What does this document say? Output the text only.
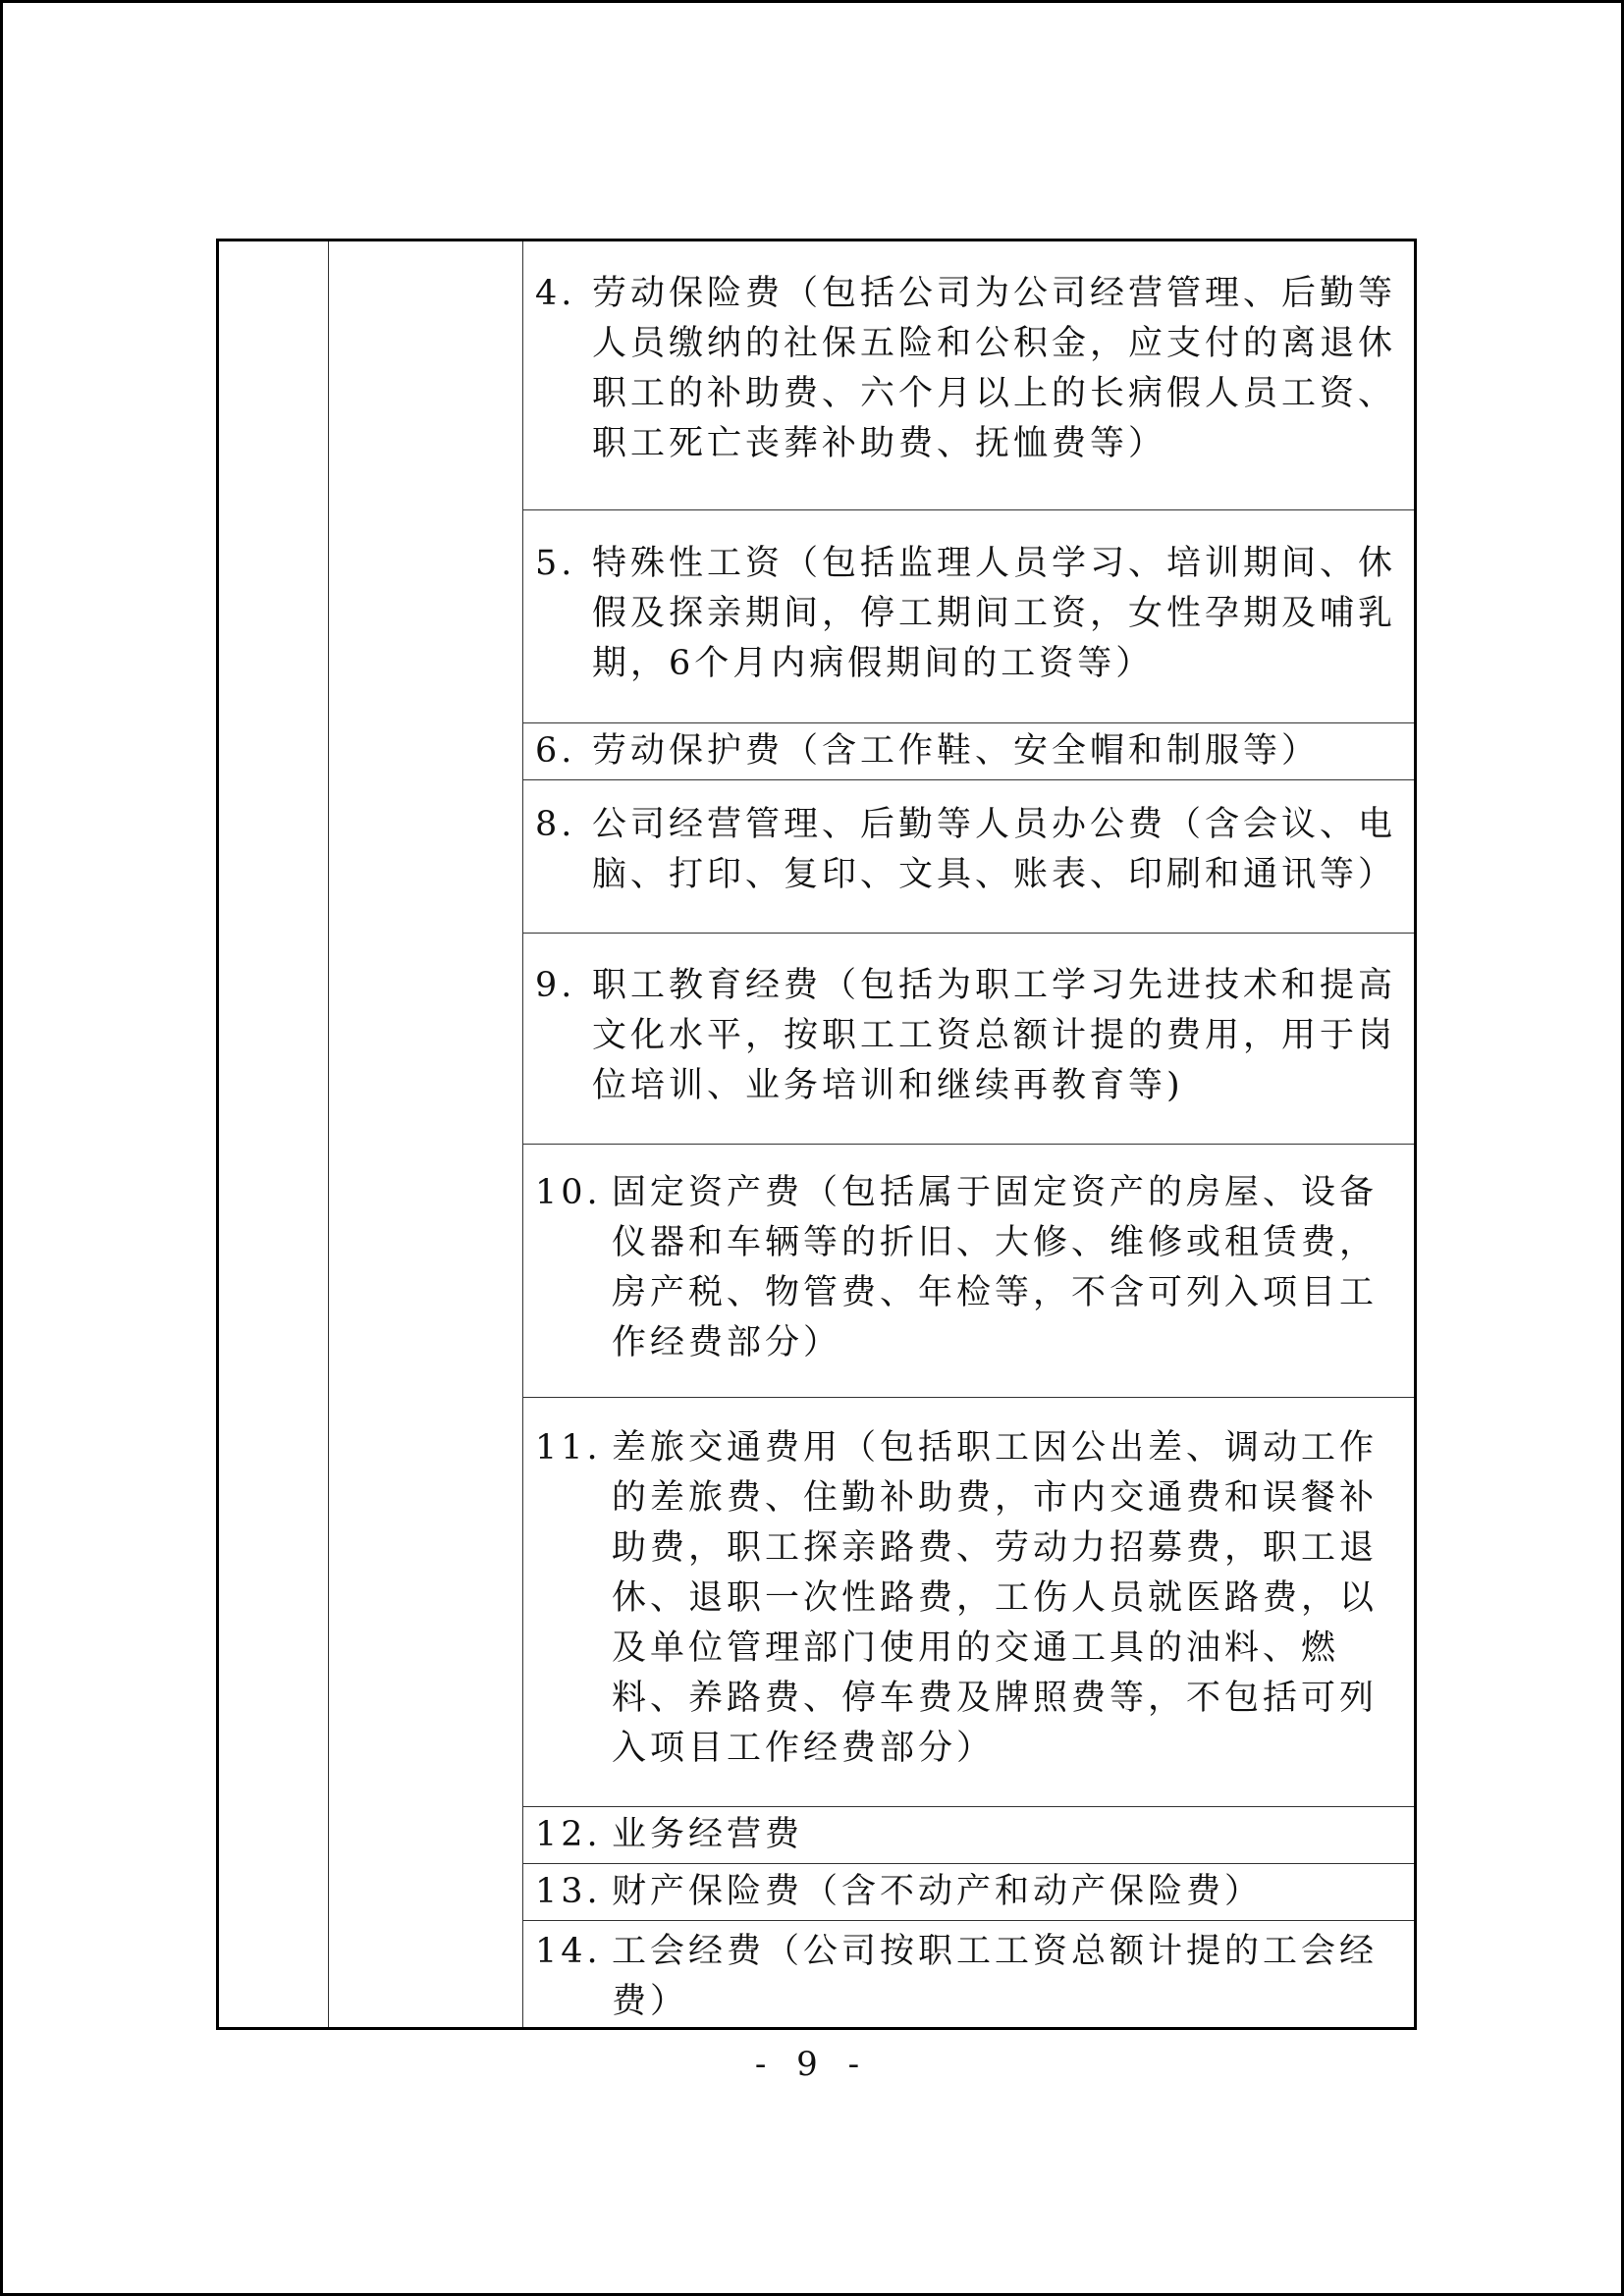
4. 劳动保险费（包括公司为公司经营管理、后勤等人员缴纳的社保五险和公积金，应支付的离退休职工的补助费、六个月以上的长病假人员工资、职工死亡丧葬补助费、抚恤费等）

5. 特殊性工资（包括监理人员学习、培训期间、休假及探亲期间，停工期间工资，女性孕期及哺乳期，6个月内病假期间的工资等）

6. 劳动保护费（含工作鞋、安全帽和制服等）

8. 公司经营管理、后勤等人员办公费（含会议、电脑、打印、复印、文具、账表、印刷和通讯等）

9. 职工教育经费（包括为职工学习先进技术和提高文化水平，按职工工资总额计提的费用，用于岗位培训、业务培训和继续再教育等)

10. 固定资产费（包括属于固定资产的房屋、设备仪器和车辆等的折旧、大修、维修或租赁费，房产税、物管费、年检等，不含可列入项目工作经费部分）

11. 差旅交通费用（包括职工因公出差、调动工作的差旅费、住勤补助费，市内交通费和误餐补助费，职工探亲路费、劳动力招募费，职工退休、退职一次性路费，工伤人员就医路费，以及单位管理部门使用的交通工具的油料、燃料、养路费、停车费及牌照费等，不包括可列入项目工作经费部分）

12. 业务经营费

13. 财产保险费（含不动产和动产保险费）

14. 工会经费（公司按职工工资总额计提的工会经费）
- 9 -
